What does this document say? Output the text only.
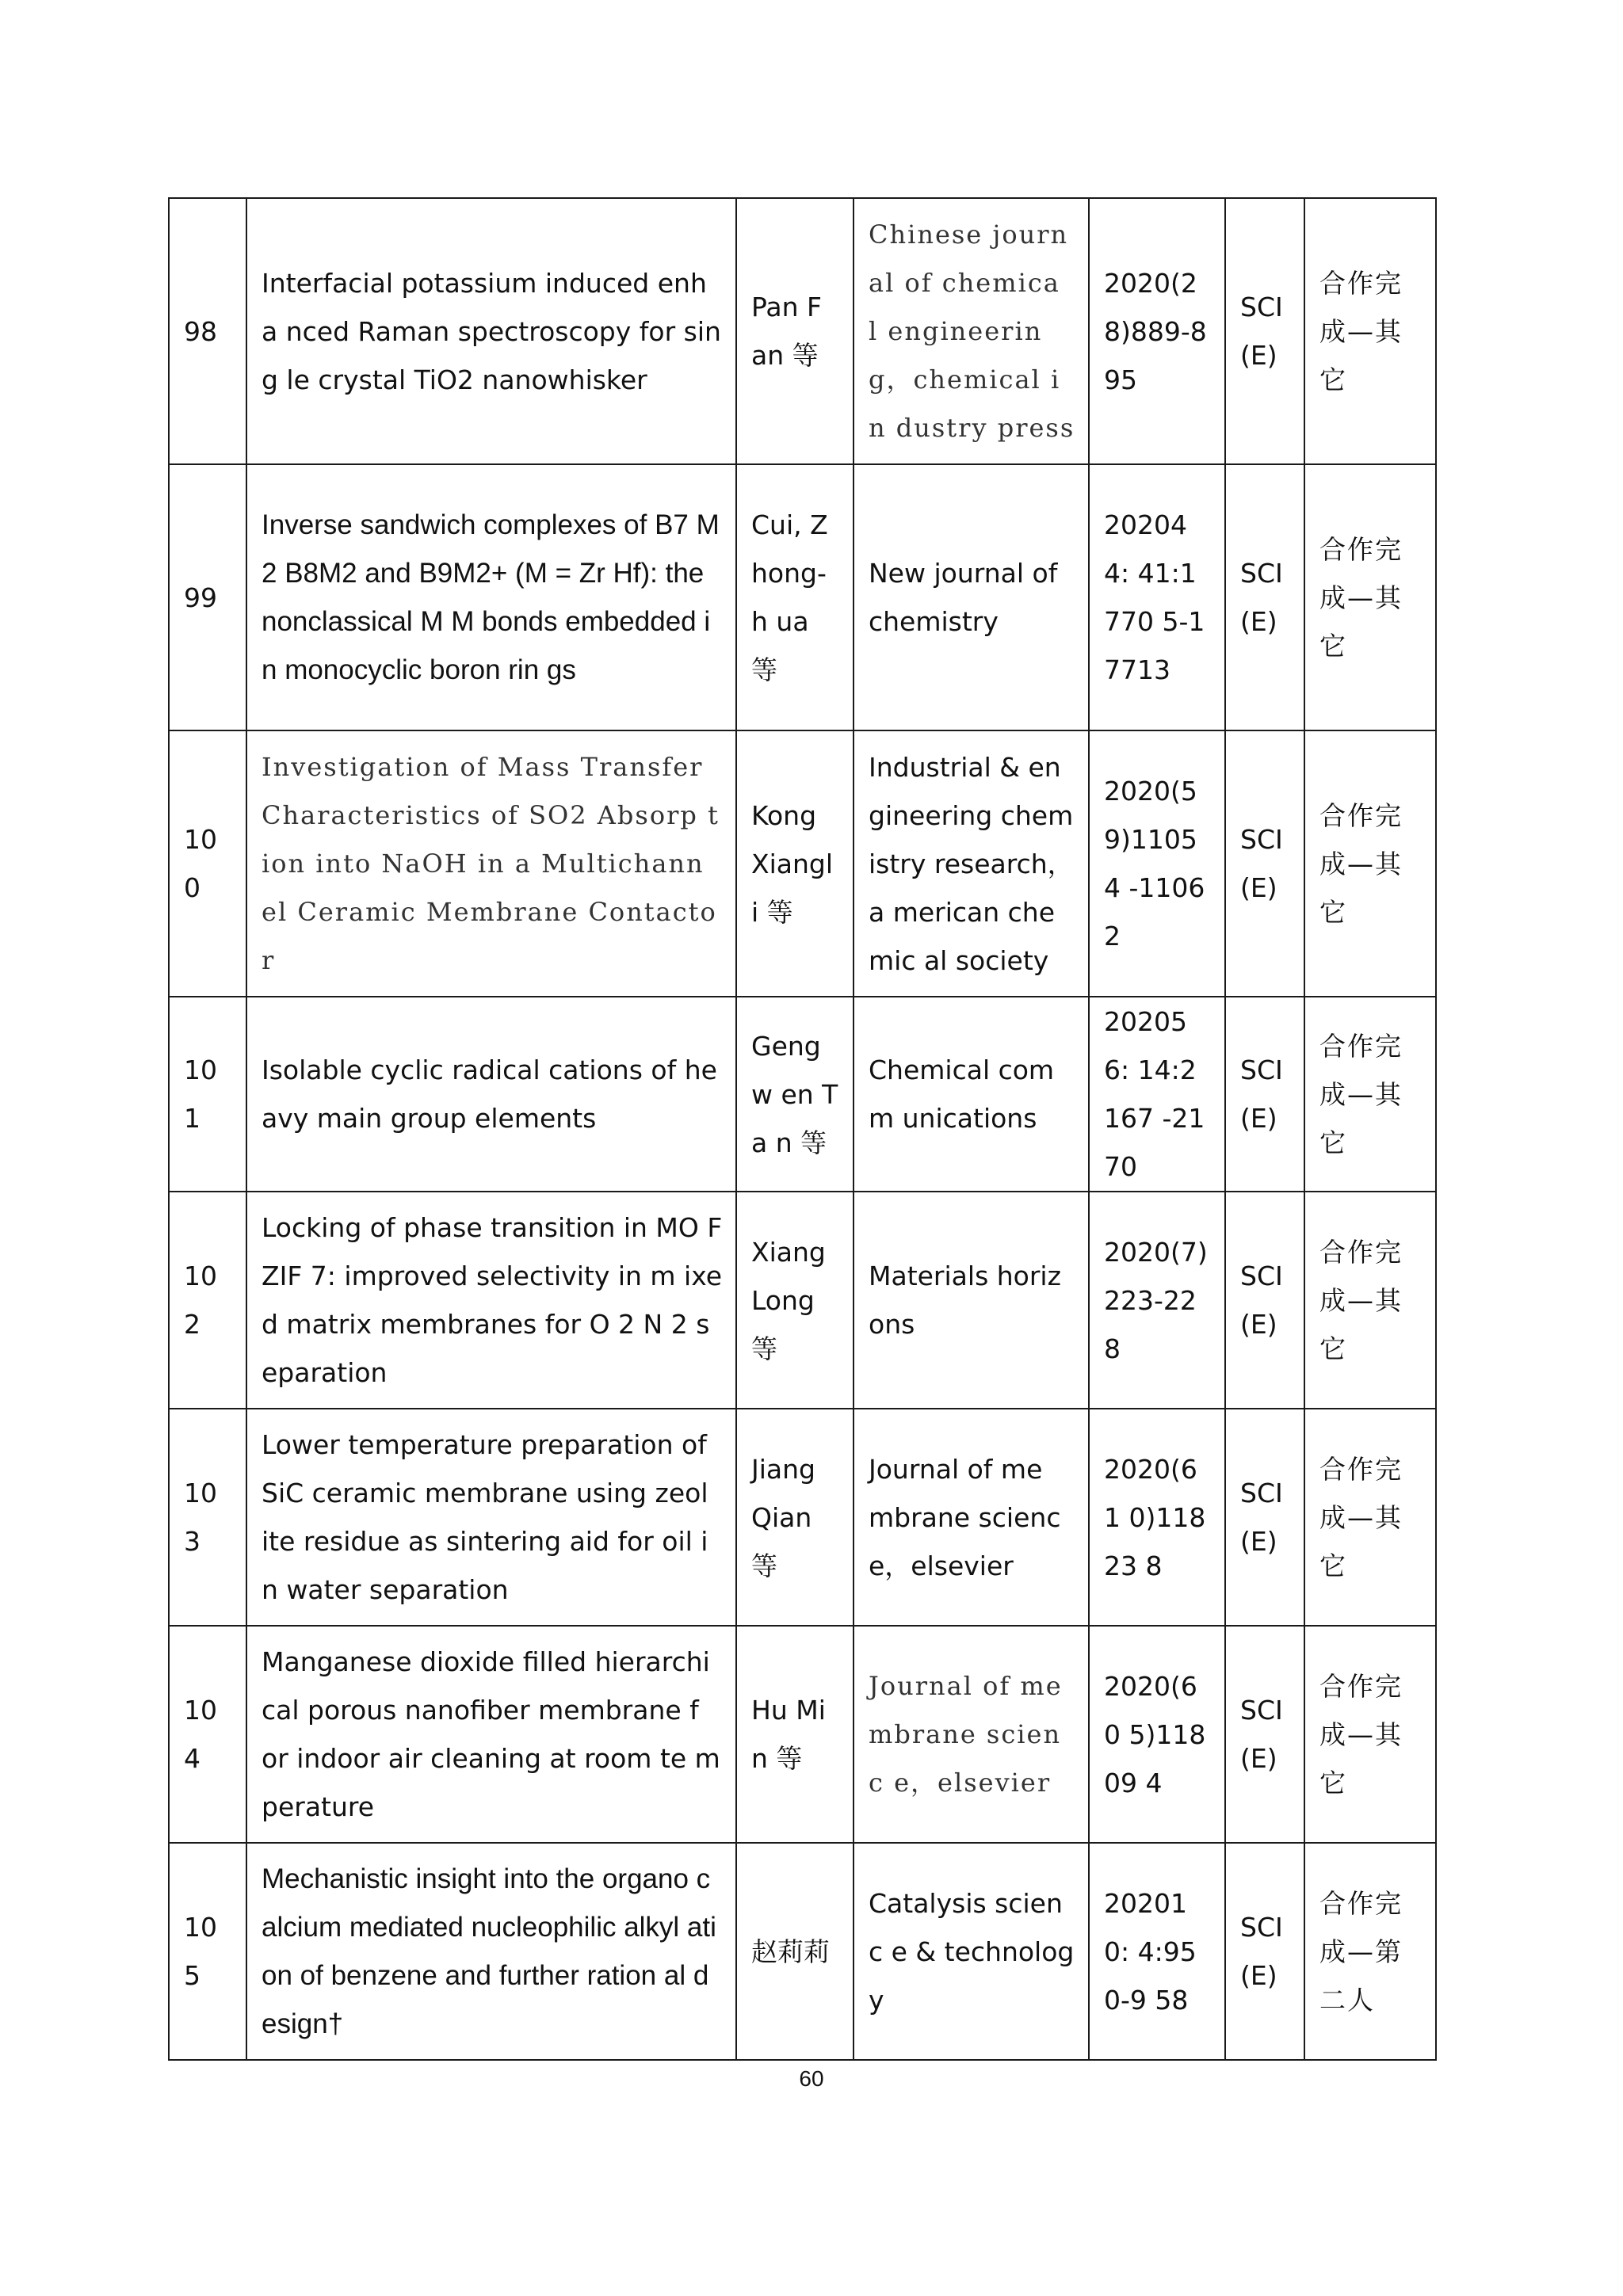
98	Interfacial potassium induced enha nced Raman spectroscopy for sing le crystal TiO2 nanowhisker	Pan F an 等	Chinese journ al of chemica l engineerin g，chemical in dustry press	2020(2 8)889-8 95	SCI (E)	合作完成—其它
99	Inverse sandwich complexes of B7 M2 B8M2 and B9M2+ (M = Zr Hf): the nonclassical M M bonds embedded in monocyclic boron rin gs	Cui, Z hong-h ua 等	New journal of chemistry	202044: 41:1770 5-17713	SCI (E)	合作完成—其它
100	Investigation of Mass Transfer Characteristics of SO2 Absorp tion into NaOH in a Multichann el Ceramic Membrane Contactor	Kong Xiangli 等	Industrial & en gineering chem istry research，a merican chemic al society	2020(5 9)11054 -11062	SCI (E)	合作完成—其它
101	Isolable cyclic radical cations of he avy main group elements	Gengw en Ta n 等	Chemical comm unications	202056: 14:2167 -2170	SCI (E)	合作完成—其它
102	Locking of phase transition in MO F ZIF 7: improved selectivity in m ixed matrix membranes for O 2 N 2 separation	Xiang Long 等	Materials horiz ons	2020(7) 223-228	SCI (E)	合作完成—其它
103	Lower temperature preparation of SiC ceramic membrane using zeol ite residue as sintering aid for oil in water separation	Jiang Qian 等	Journal of me mbrane scienc e，elsevier	2020(61 0)11823 8	SCI (E)	合作完成—其它
104	Manganese dioxide filled hierarchi cal porous nanofiber membrane f or indoor air cleaning at room te mperature	Hu Mi n 等	Journal of me mbrane scienc e，elsevier	2020(60 5)11809 4	SCI (E)	合作完成—其它
105	Mechanistic insight into the organo calcium mediated nucleophilic alkyl ation of benzene and further ration al design†	赵莉莉	Catalysis scienc e & technology	202010: 4:950-9 58	SCI (E)	合作完成—第二人
60
